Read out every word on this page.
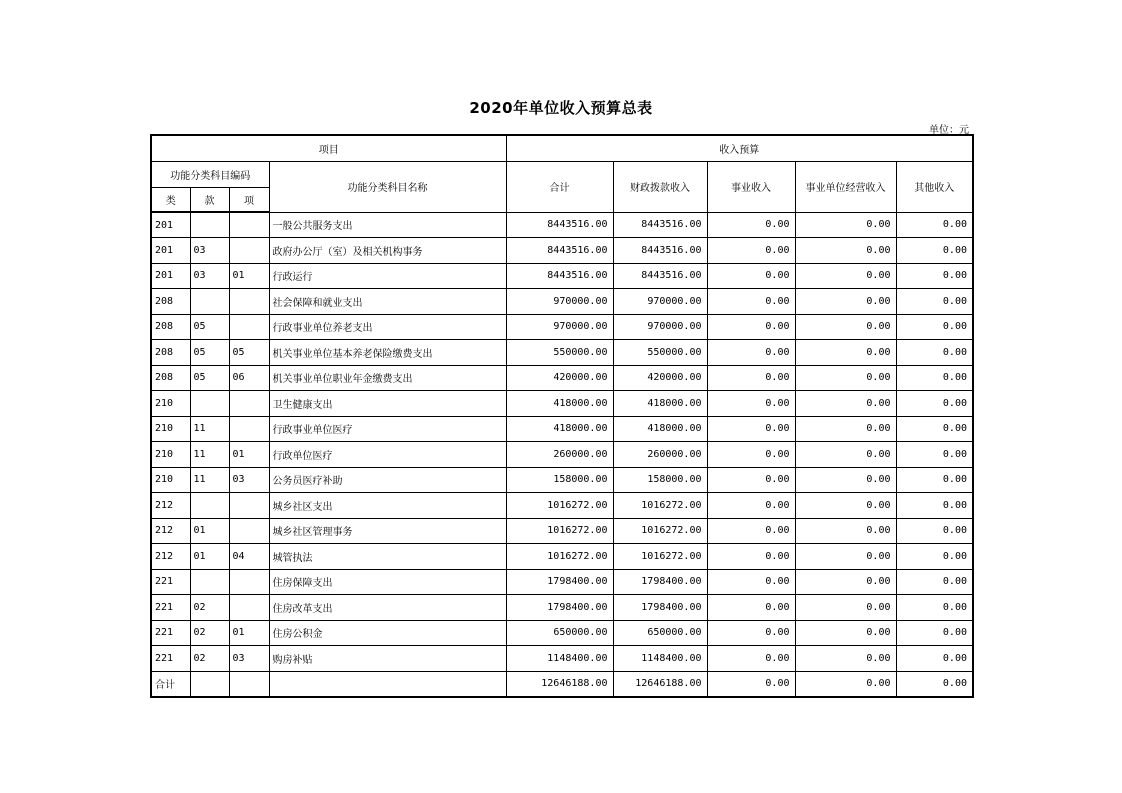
2020年单位收入预算总表
单位：元
项目				收入预算				
功能分类科目编码			功能分类科目名称	合计	财政拨款收入	事业收入	事业单位经营收入	其他收入
类	款	项						
201			一般公共服务支出	8443516.00	8443516.00	0.00	0.00	0.00
201	03		政府办公厅（室）及相关机构事务	8443516.00	8443516.00	0.00	0.00	0.00
201	03	01	行政运行	8443516.00	8443516.00	0.00	0.00	0.00
208			社会保障和就业支出	970000.00	970000.00	0.00	0.00	0.00
208	05		行政事业单位养老支出	970000.00	970000.00	0.00	0.00	0.00
208	05	05	机关事业单位基本养老保险缴费支出	550000.00	550000.00	0.00	0.00	0.00
208	05	06	机关事业单位职业年金缴费支出	420000.00	420000.00	0.00	0.00	0.00
210			卫生健康支出	418000.00	418000.00	0.00	0.00	0.00
210	11		行政事业单位医疗	418000.00	418000.00	0.00	0.00	0.00
210	11	01	行政单位医疗	260000.00	260000.00	0.00	0.00	0.00
210	11	03	公务员医疗补助	158000.00	158000.00	0.00	0.00	0.00
212			城乡社区支出	1016272.00	1016272.00	0.00	0.00	0.00
212	01		城乡社区管理事务	1016272.00	1016272.00	0.00	0.00	0.00
212	01	04	城管执法	1016272.00	1016272.00	0.00	0.00	0.00
221			住房保障支出	1798400.00	1798400.00	0.00	0.00	0.00
221	02		住房改革支出	1798400.00	1798400.00	0.00	0.00	0.00
221	02	01	住房公积金	650000.00	650000.00	0.00	0.00	0.00
221	02	03	购房补贴	1148400.00	1148400.00	0.00	0.00	0.00
合计				12646188.00	12646188.00	0.00	0.00	0.00
